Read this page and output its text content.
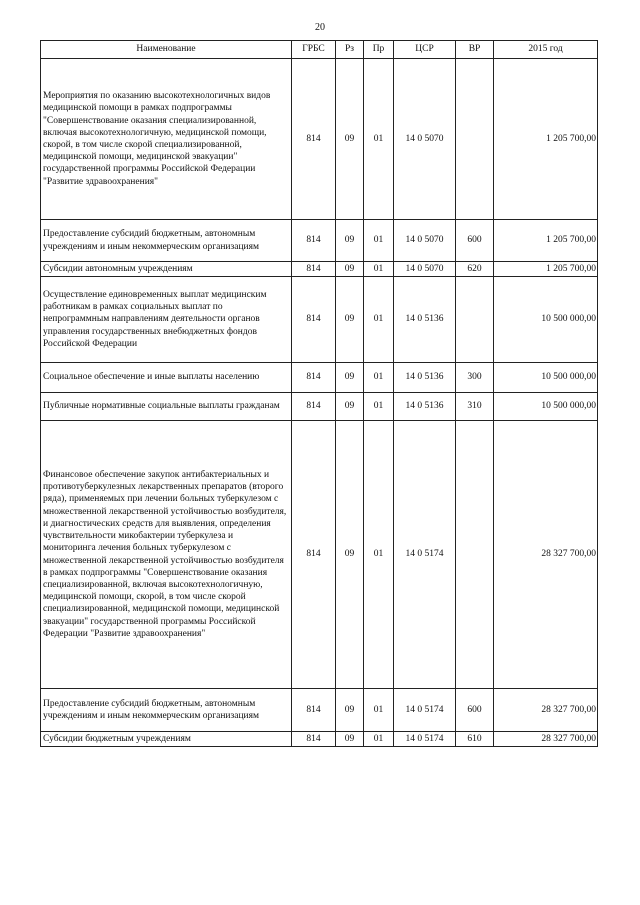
20
Наименование	ГРБС	Рз	Пр	ЦСР	ВР	2015 год
Мероприятия по оказанию высокотехнологичных видов медицинской помощи в рамках подпрограммы "Совершенствование оказания специализированной, включая высокотехнологичную, медицинской помощи, скорой, в том числе скорой специализированной, медицинской помощи, медицинской эвакуации" государственной программы Российской Федерации "Развитие здравоохранения"	814	09	01	14 0 5070		1 205 700,00
Предоставление субсидий бюджетным, автономным учреждениям и иным некоммерческим организациям	814	09	01	14 0 5070	600	1 205 700,00
Субсидии автономным учреждениям	814	09	01	14 0 5070	620	1 205 700,00
Осуществление единовременных выплат медицинским работникам в рамках социальных выплат по непрограммным направлениям деятельности органов управления государственных внебюджетных фондов Российской Федерации	814	09	01	14 0 5136		10 500 000,00
Социальное обеспечение и иные выплаты населению	814	09	01	14 0 5136	300	10 500 000,00
Публичные нормативные социальные выплаты гражданам	814	09	01	14 0 5136	310	10 500 000,00
Финансовое обеспечение закупок антибактериальных и противотуберкулезных лекарственных препаратов (второго ряда), применяемых при лечении больных туберкулезом с множественной лекарственной устойчивостью возбудителя, и диагностических средств для выявления, определения чувствительности микобактерии туберкулеза и мониторинга лечения больных туберкулезом с множественной лекарственной устойчивостью возбудителя в рамках подпрограммы "Совершенствование оказания специализированной, включая высокотехнологичную, медицинской помощи, скорой, в том числе скорой специализированной, медицинской помощи, медицинской эвакуации" государственной программы Российской Федерации "Развитие здравоохранения"	814	09	01	14 0 5174		28 327 700,00
Предоставление субсидий бюджетным, автономным учреждениям и иным некоммерческим организациям	814	09	01	14 0 5174	600	28 327 700,00
Субсидии бюджетным учреждениям	814	09	01	14 0 5174	610	28 327 700,00
